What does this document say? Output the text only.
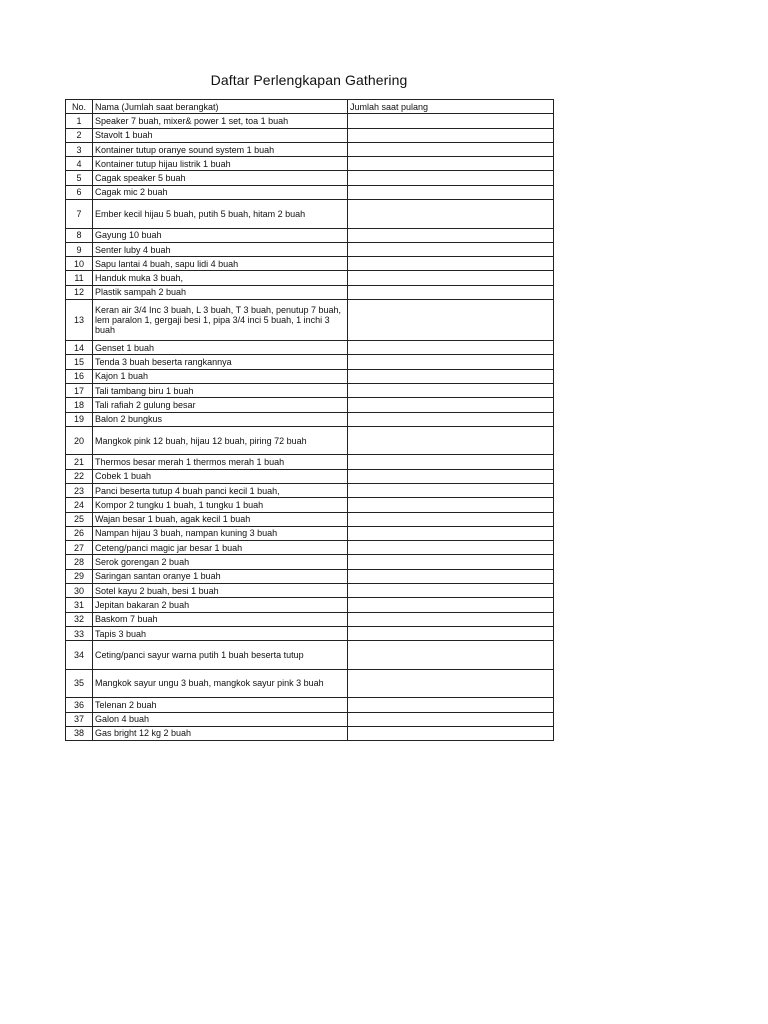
Daftar Perlengkapan Gathering
No.	Nama (Jumlah saat berangkat)	Jumlah saat pulang
1	Speaker 7 buah, mixer& power 1 set, toa 1 buah	
2	Stavolt 1 buah	
3	Kontainer tutup oranye sound system 1 buah	
4	Kontainer tutup hijau listrik 1 buah	
5	Cagak speaker 5 buah	
6	Cagak mic 2 buah	
7	Ember kecil hijau 5 buah, putih 5 buah, hitam 2 buah	
8	Gayung 10 buah	
9	Senter luby 4 buah	
10	Sapu lantai 4 buah, sapu lidi 4 buah	
11	Handuk muka 3 buah,	
12	Plastik sampah 2 buah	
13	Keran air 3/4 Inc 3 buah, L 3 buah, T 3 buah, penutup 7 buah, lem paralon 1, gergaji besi 1, pipa 3/4 inci 5 buah, 1 inchi 3 buah	
14	Genset 1 buah	
15	Tenda 3 buah beserta rangkannya	
16	Kajon 1 buah	
17	Tali tambang biru 1 buah	
18	Tali rafiah 2 gulung besar	
19	Balon 2 bungkus	
20	Mangkok pink 12 buah, hijau 12 buah, piring 72 buah	
21	Thermos besar merah 1 thermos merah 1 buah	
22	Cobek 1 buah	
23	Panci beserta tutup 4 buah panci kecil 1 buah,	
24	Kompor 2 tungku 1 buah, 1 tungku 1 buah	
25	Wajan besar 1 buah, agak kecil 1 buah	
26	Nampan hijau 3 buah, nampan kuning 3 buah	
27	Ceteng/panci magic jar besar 1 buah	
28	Serok gorengan 2 buah	
29	Saringan santan oranye 1 buah	
30	Sotel kayu 2 buah, besi 1 buah	
31	Jepitan bakaran 2 buah	
32	Baskom 7 buah	
33	Tapis 3 buah	
34	Ceting/panci sayur warna putih 1 buah beserta tutup	
35	Mangkok sayur ungu 3 buah, mangkok sayur pink 3 buah	
36	Telenan 2 buah	
37	Galon 4 buah	
38	Gas bright 12 kg 2 buah	
